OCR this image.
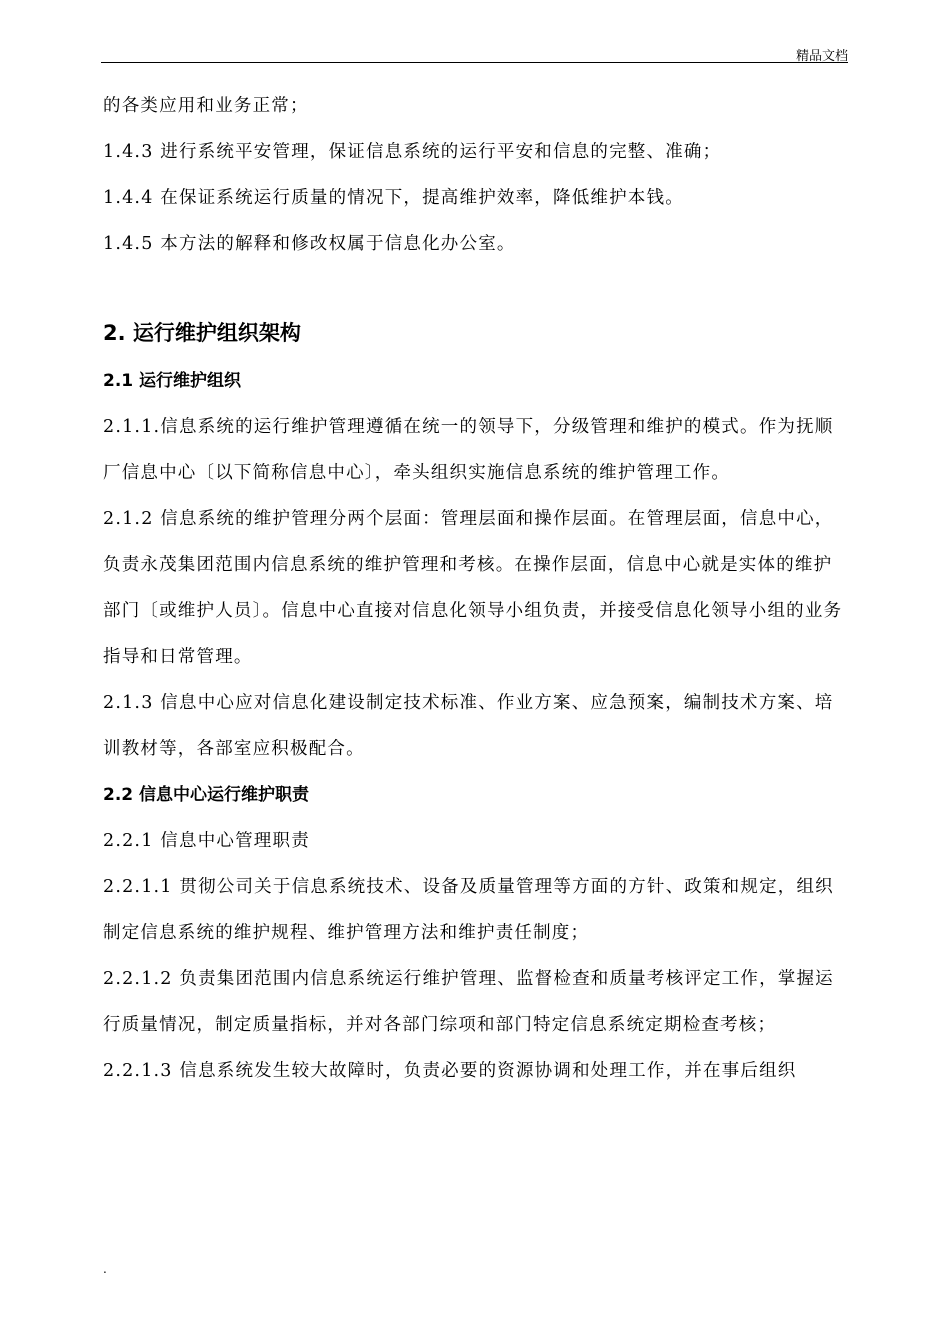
精品文档

的各类应用和业务正常；

1.4.3 进行系统平安管理，保证信息系统的运行平安和信息的完整、准确；

1.4.4 在保证系统运行质量的情况下，提高维护效率，降低维护本钱。

1.4.5 本方法的解释和修改权属于信息化办公室。

2. 运行维护组织架构
2.1 运行维护组织

2.1.1.信息系统的运行维护管理遵循在统一的领导下，分级管理和维护的模式。作为抚顺厂信息中心〔以下简称信息中心〕，牵头组织实施信息系统的维护管理工作。

2.1.2 信息系统的维护管理分两个层面：管理层面和操作层面。在管理层面，信息中心，负责永茂集团范围内信息系统的维护管理和考核。在操作层面，信息中心就是实体的维护部门〔或维护人员〕。信息中心直接对信息化领导小组负责，并接受信息化领导小组的业务指导和日常管理。

2.1.3 信息中心应对信息化建设制定技术标准、作业方案、应急预案，编制技术方案、培训教材等，各部室应积极配合。

2.2 信息中心运行维护职责

2.2.1 信息中心管理职责

2.2.1.1 贯彻公司关于信息系统技术、设备及质量管理等方面的方针、政策和规定，组织制定信息系统的维护规程、维护管理方法和维护责任制度；

2.2.1.2 负责集团范围内信息系统运行维护管理、监督检查和质量考核评定工作，掌握运行质量情况，制定质量指标，并对各部门综项和部门特定信息系统定期检查考核；

2.2.1.3 信息系统发生较大故障时，负责必要的资源协调和处理工作，并在事后组织

.
